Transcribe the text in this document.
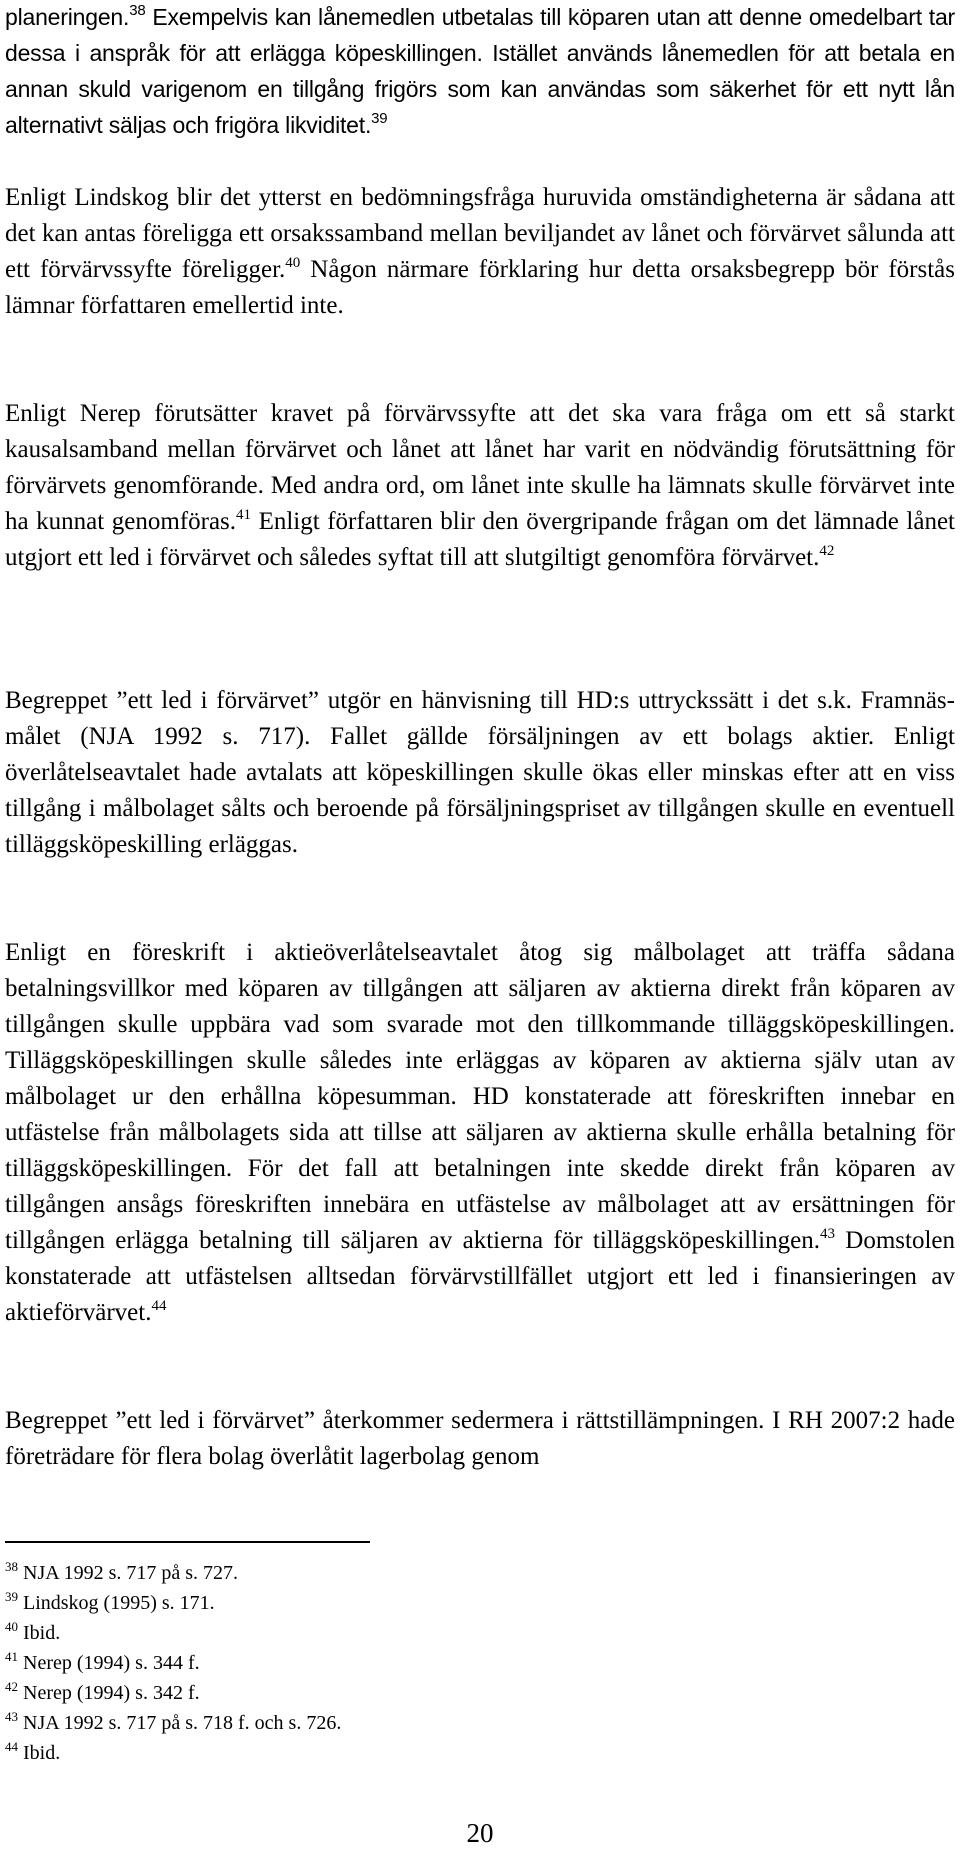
planeringen.$^{38}$ Exempelvis kan lånemedlen utbetalas till köparen utan att denne omedelbart tar dessa i anspråk för att erlägga köpeskillingen. Istället används lånemedlen för att betala en annan skuld varigenom en tillgång frigörs som kan användas som säkerhet för ett nytt lån alternativt säljas och frigöra likviditet.$^{39}$

Enligt Lindskog blir det ytterst en bedömningsfråga huruvida omständigheterna är sådana att det kan antas föreligga ett orsakssamband mellan beviljandet av lånet och förvärvet sålunda att ett förvärvssyfte föreligger.$^{40}$ Någon närmare förklaring hur detta orsaksbegrepp bör förstås lämnar författaren emellertid inte.

Enligt Nerep förutsätter kravet på förvärvssyfte att det ska vara fråga om ett så starkt kausalsamband mellan förvärvet och lånet att lånet har varit en nödvändig förutsättning för förvärvets genomförande. Med andra ord, om lånet inte skulle ha lämnats skulle förvärvet inte ha kunnat genomföras.$^{41}$ Enligt författaren blir den övergripande frågan om det lämnade lånet utgjort ett led i förvärvet och således syftat till att slutgiltigt genomföra förvärvet.$^{42}$

Begreppet ”ett led i förvärvet” utgör en hänvisning till HD:s uttryckssätt i det s.k. Framnäs-målet (NJA 1992 s. 717). Fallet gällde försäljningen av ett bolags aktier. Enligt överlåtelseavtalet hade avtalats att köpeskillingen skulle ökas eller minskas efter att en viss tillgång i målbolaget sålts och beroende på försäljningspriset av tillgången skulle en eventuell tilläggsköpeskilling erläggas.

Enligt en föreskrift i aktieöverlåtelseavtalet åtog sig målbolaget att träffa sådana betalningsvillkor med köparen av tillgången att säljaren av aktierna direkt från köparen av tillgången skulle uppbära vad som svarade mot den tillkommande tilläggsköpeskillingen. Tilläggsköpeskillingen skulle således inte erläggas av köparen av aktierna själv utan av målbolaget ur den erhållna köpesumman. HD konstaterade att föreskriften innebar en utfästelse från målbolagets sida att tillse att säljaren av aktierna skulle erhålla betalning för tilläggsköpeskillingen. För det fall att betalningen inte skedde direkt från köparen av tillgången ansågs föreskriften innebära en utfästelse av målbolaget att av ersättningen för tillgången erlägga betalning till säljaren av aktierna för tilläggsköpeskillingen.$^{43}$ Domstolen konstaterade att utfästelsen alltsedan förvärvstillfället utgjort ett led i finansieringen av aktieförvärvet.$^{44}$

Begreppet ”ett led i förvärvet” återkommer sedermera i rättstillämpningen. I RH 2007:2 hade företrädare för flera bolag överlåtit lagerbolag genom

$^{38}$ NJA 1992 s. 717 på s. 727.
$^{39}$ Lindskog (1995) s. 171.
$^{40}$ Ibid.
$^{41}$ Nerep (1994) s. 344 f.
$^{42}$ Nerep (1994) s. 342 f.
$^{43}$ NJA 1992 s. 717 på s. 718 f. och s. 726.
$^{44}$ Ibid.
20
